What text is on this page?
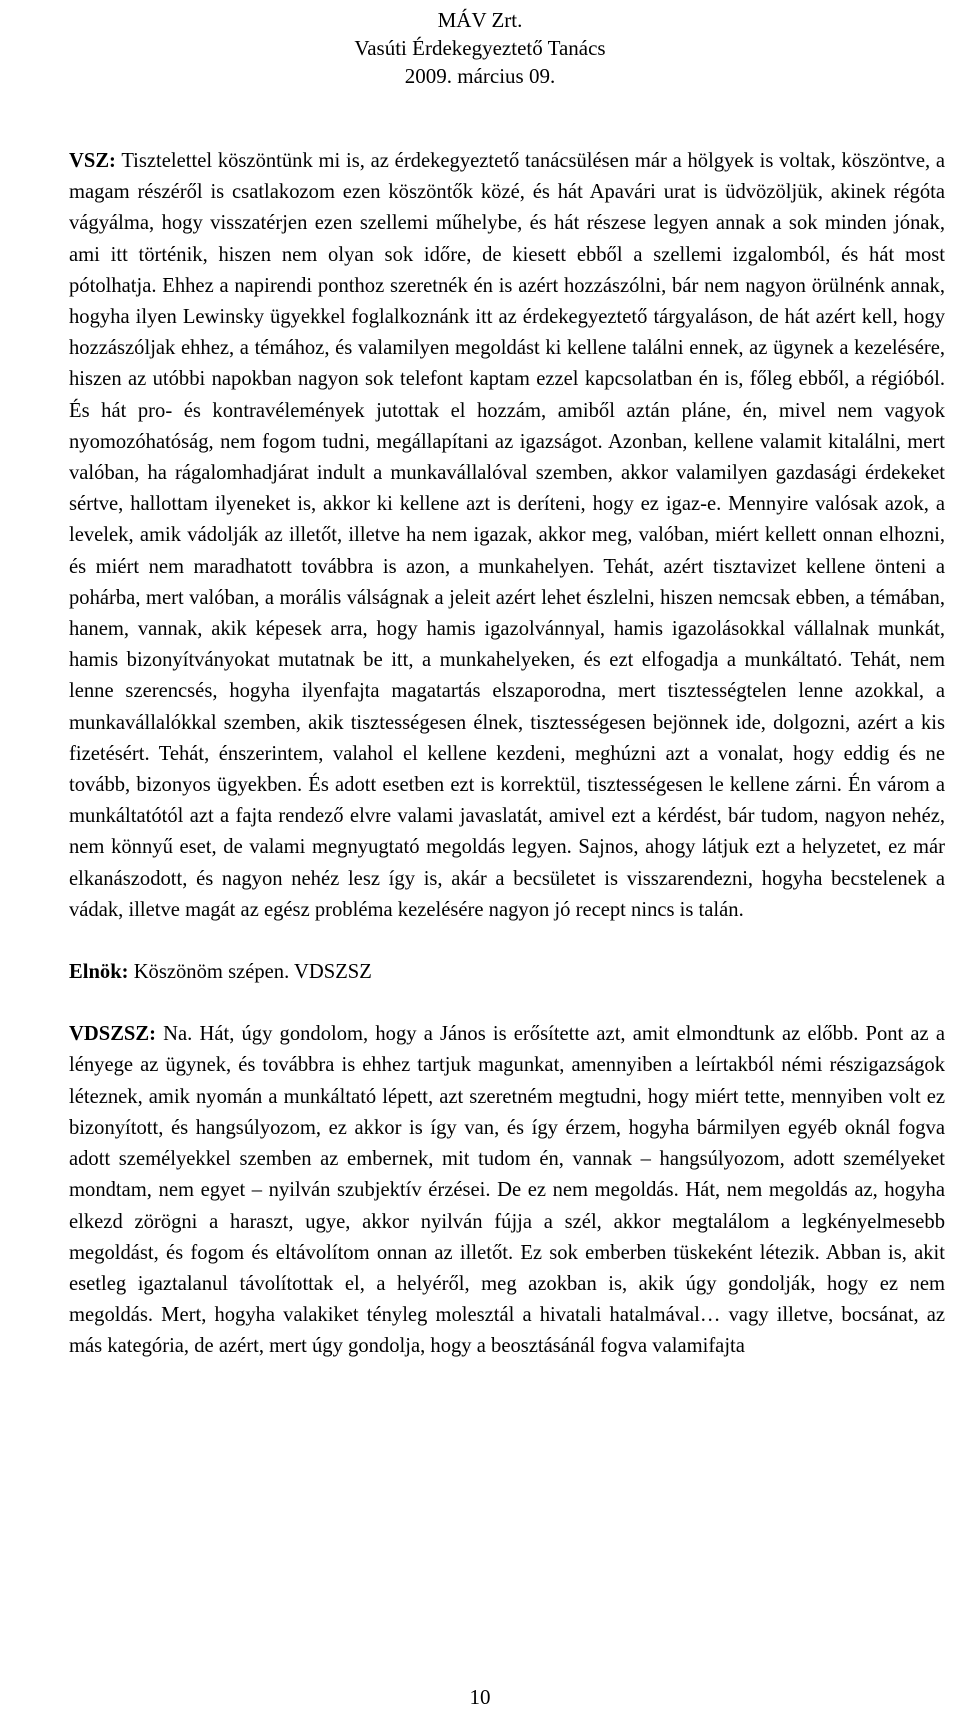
MÁV Zrt.
Vasúti Érdekegyeztető Tanács
2009. március 09.

VSZ: Tisztelettel köszöntünk mi is, az érdekegyeztető tanácsülésen már a hölgyek is voltak, köszöntve, a magam részéről is csatlakozom ezen köszöntők közé, és hát Apavári urat is üdvözöljük, akinek régóta vágyálma, hogy visszatérjen ezen szellemi műhelybe, és hát részese legyen annak a sok minden jónak, ami itt történik, hiszen nem olyan sok időre, de kiesett ebből a szellemi izgalomból, és hát most pótolhatja. Ehhez a napirendi ponthoz szeretnék én is azért hozzászólni, bár nem nagyon örülnénk annak, hogyha ilyen Lewinsky ügyekkel foglalkoznánk itt az érdekegyeztető tárgyaláson, de hát azért kell, hogy hozzászóljak ehhez, a témához, és valamilyen megoldást ki kellene találni ennek, az ügynek a kezelésére, hiszen az utóbbi napokban nagyon sok telefont kaptam ezzel kapcsolatban én is, főleg ebből, a régióból. És hát pro- és kontravélemények jutottak el hozzám, amiből aztán pláne, én, mivel nem vagyok nyomozóhatóság, nem fogom tudni, megállapítani az igazságot. Azonban, kellene valamit kitalálni, mert valóban, ha rágalomhadjárat indult a munkavállalóval szemben, akkor valamilyen gazdasági érdekeket sértve, hallottam ilyeneket is, akkor ki kellene azt is deríteni, hogy ez igaz-e. Mennyire valósak azok, a levelek, amik vádolják az illetőt, illetve ha nem igazak, akkor meg, valóban, miért kellett onnan elhozni, és miért nem maradhatott továbbra is azon, a munkahelyen. Tehát, azért tisztavizet kellene önteni a pohárba, mert valóban, a morális válságnak a jeleit azért lehet észlelni, hiszen nemcsak ebben, a témában, hanem, vannak, akik képesek arra, hogy hamis igazolvánnyal, hamis igazolásokkal vállalnak munkát, hamis bizonyítványokat mutatnak be itt, a munkahelyeken, és ezt elfogadja a munkáltató. Tehát, nem lenne szerencsés, hogyha ilyenfajta magatartás elszaporodna, mert tisztességtelen lenne azokkal, a munkavállalókkal szemben, akik tisztességesen élnek, tisztességesen bejönnek ide, dolgozni, azért a kis fizetésért. Tehát, énszerintem, valahol el kellene kezdeni, meghúzni azt a vonalat, hogy eddig és ne tovább, bizonyos ügyekben. És adott esetben ezt is korrektül, tisztességesen le kellene zárni. Én várom a munkáltatótól azt a fajta rendező elvre valami javaslatát, amivel ezt a kérdést, bár tudom, nagyon nehéz, nem könnyű eset, de valami megnyugtató megoldás legyen. Sajnos, ahogy látjuk ezt a helyzetet, ez már elkanászodott, és nagyon nehéz lesz így is, akár a becsületet is visszarendezni, hogyha becstelenek a vádak, illetve magát az egész probléma kezelésére nagyon jó recept nincs is talán.

Elnök: Köszönöm szépen. VDSZSZ

VDSZSZ: Na. Hát, úgy gondolom, hogy a János is erősítette azt, amit elmondtunk az előbb. Pont az a lényege az ügynek, és továbbra is ehhez tartjuk magunkat, amennyiben a leírtakból némi részigazságok léteznek, amik nyomán a munkáltató lépett, azt szeretném megtudni, hogy miért tette, mennyiben volt ez bizonyított, és hangsúlyozom, ez akkor is így van, és így érzem, hogyha bármilyen egyéb oknál fogva adott személyekkel szemben az embernek, mit tudom én, vannak – hangsúlyozom, adott személyeket mondtam, nem egyet – nyilván szubjektív érzései. De ez nem megoldás. Hát, nem megoldás az, hogyha elkezd zörögni a haraszt, ugye, akkor nyilván fújja a szél, akkor megtalálom a legkényelmesebb megoldást, és fogom és eltávolítom onnan az illetőt. Ez sok emberben tüskeként létezik. Abban is, akit esetleg igaztalanul távolítottak el, a helyéről, meg azokban is, akik úgy gondolják, hogy ez nem megoldás. Mert, hogyha valakiket tényleg molesztál a hivatali hatalmával… vagy illetve, bocsánat, az más kategória, de azért, mert úgy gondolja, hogy a beosztásánál fogva valamifajta

10
